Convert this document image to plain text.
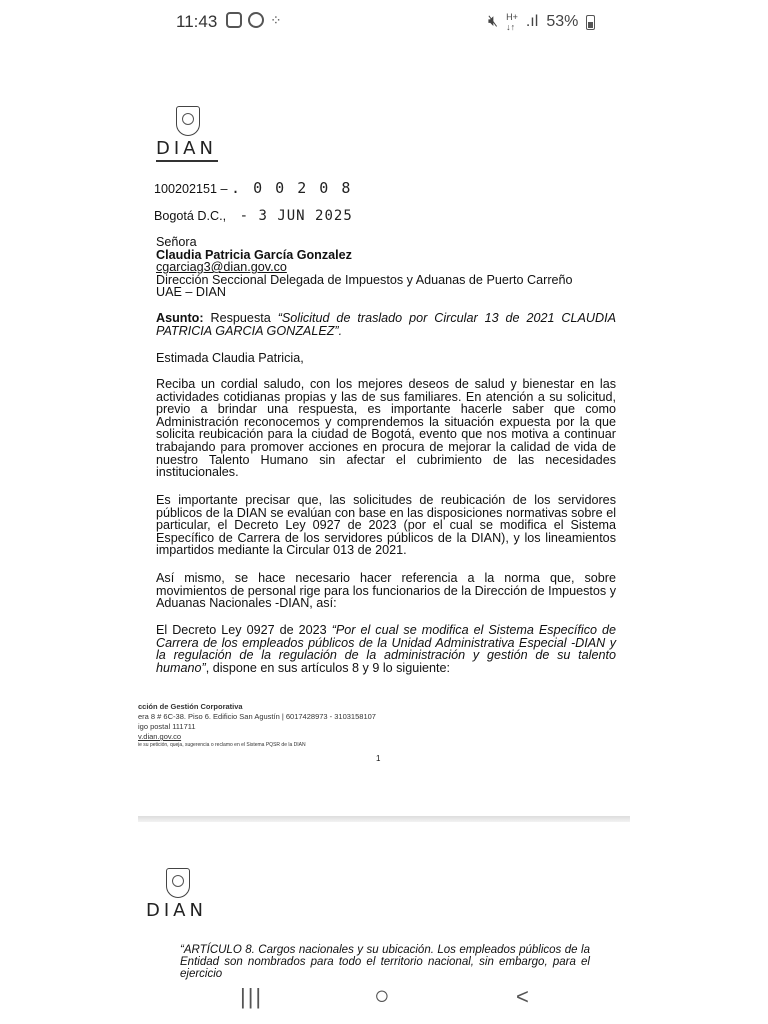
11:43	⁘	🔇︎ H+
↓↑ .ıl 53%
DIAN
100202151 – . 0 0 2 0 8
Bogotá D.C., - 3 JUN 2025

Señora

Claudia Patricia García Gonzalez

cgarciag3@dian.gov.co

Dirección Seccional Delegada de Impuestos y Aduanas de Puerto Carreño

UAE – DIAN

Asunto: Respuesta “Solicitud de traslado por Circular 13 de 2021 CLAUDIA PATRICIA GARCIA GONZALEZ”.

Estimada Claudia Patricia,
Reciba un cordial saludo, con los mejores deseos de salud y bienestar en las actividades cotidianas propias y las de sus familiares. En atención a su solicitud, previo a brindar una respuesta, es importante hacerle saber que como Administración reconocemos y comprendemos la situación expuesta por la que solicita reubicación para la ciudad de Bogotá, evento que nos motiva a continuar trabajando para promover acciones en procura de mejorar la calidad de vida de nuestro Talento Humano sin afectar el cubrimiento de las necesidades institucionales.
Es importante precisar que, las solicitudes de reubicación de los servidores públicos de la DIAN se evalúan con base en las disposiciones normativas sobre el particular, el Decreto Ley 0927 de 2023 (por el cual se modifica el Sistema Específico de Carrera de los servidores públicos de la DIAN), y los lineamientos impartidos mediante la Circular 013 de 2021.
Así mismo, se hace necesario hacer referencia a la norma que, sobre movimientos de personal rige para los funcionarios de la Dirección de Impuestos y Aduanas Nacionales -DIAN, así:

El Decreto Ley 0927 de 2023 “Por el cual se modifica el Sistema Específico de Carrera de los empleados públicos de la Unidad Administrativa Especial -DIAN y la regulación de la regulación de la administración y gestión de su talento humano”, dispone en sus artículos 8 y 9 lo siguiente:

cción de Gestión Corporativa
era 8 # 6C-38. Piso 6. Edificio San Agustín | 6017428973 - 3103158107
igo postal 111711
v.dian.gov.co
ie su petición, queja, sugerencia o reclamo en el Sistema PQSR de la DIAN
1
DIAN
“ARTÍCULO 8. Cargos nacionales y su ubicación. Los empleados públicos de la Entidad son nombrados para todo el territorio nacional, sin embargo, para el ejercicio
|||	○	<
